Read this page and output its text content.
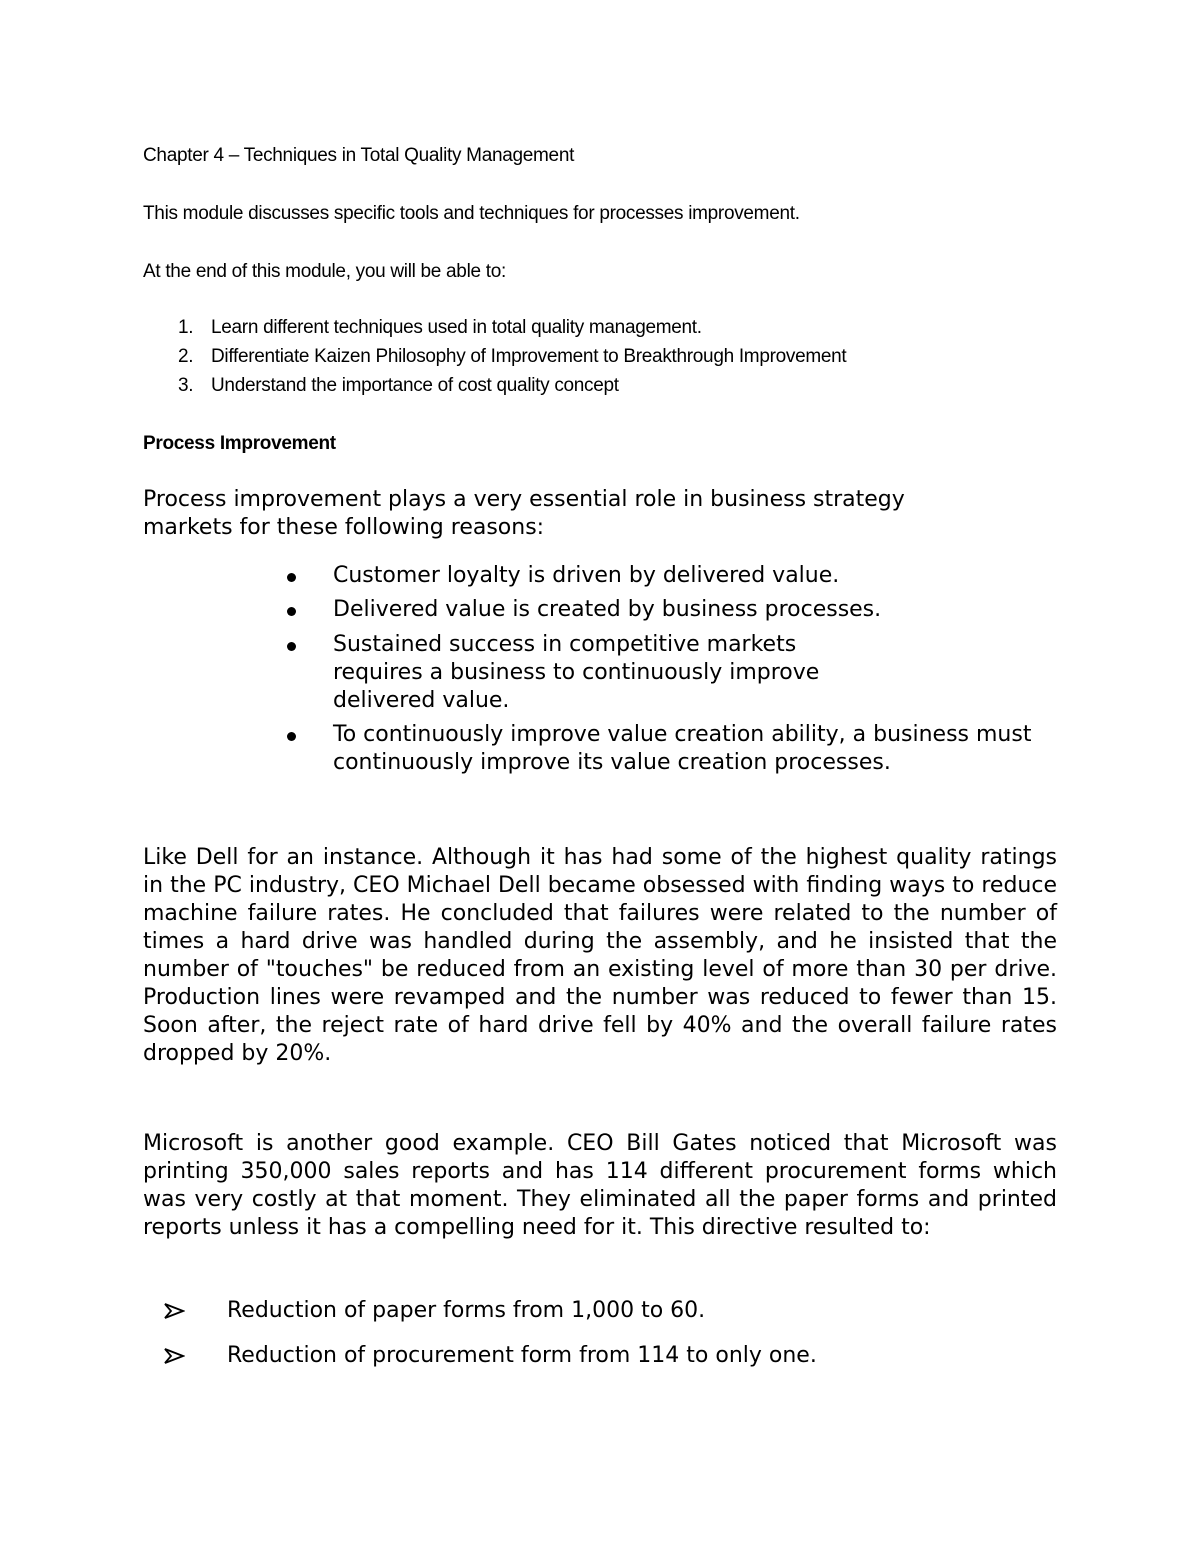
Chapter 4 – Techniques in Total Quality Management

This module discusses specific tools and techniques for processes improvement.

At the end of this module, you will be able to:

1. Learn different techniques used in total quality management.
2. Differentiate Kaizen Philosophy of Improvement to Breakthrough Improvement
3. Understand the importance of cost quality concept

Process Improvement

Process improvement plays a very essential role in business strategy markets for these following reasons:

Customer loyalty is driven by delivered value.
Delivered value is created by business processes.
Sustained success in competitive markets requires a business to continuously improve delivered value.
To continuously improve value creation ability, a business must continuously improve its value creation processes.

Like Dell for an instance. Although it has had some of the highest quality ratings in the PC industry, CEO Michael Dell became obsessed with finding ways to reduce machine failure rates. He concluded that failures were related to the number of times a hard drive was handled during the assembly, and he insisted that the number of "touches" be reduced from an existing level of more than 30 per drive. Production lines were revamped and the number was reduced to fewer than 15. Soon after, the reject rate of hard drive fell by 40% and the overall failure rates dropped by 20%.

Microsoft is another good example. CEO Bill Gates noticed that Microsoft was printing 350,000 sales reports and has 114 different procurement forms which was very costly at that moment. They eliminated all the paper forms and printed reports unless it has a compelling need for it. This directive resulted to:

Reduction of paper forms from 1,000 to 60.
Reduction of procurement form from 114 to only one.
